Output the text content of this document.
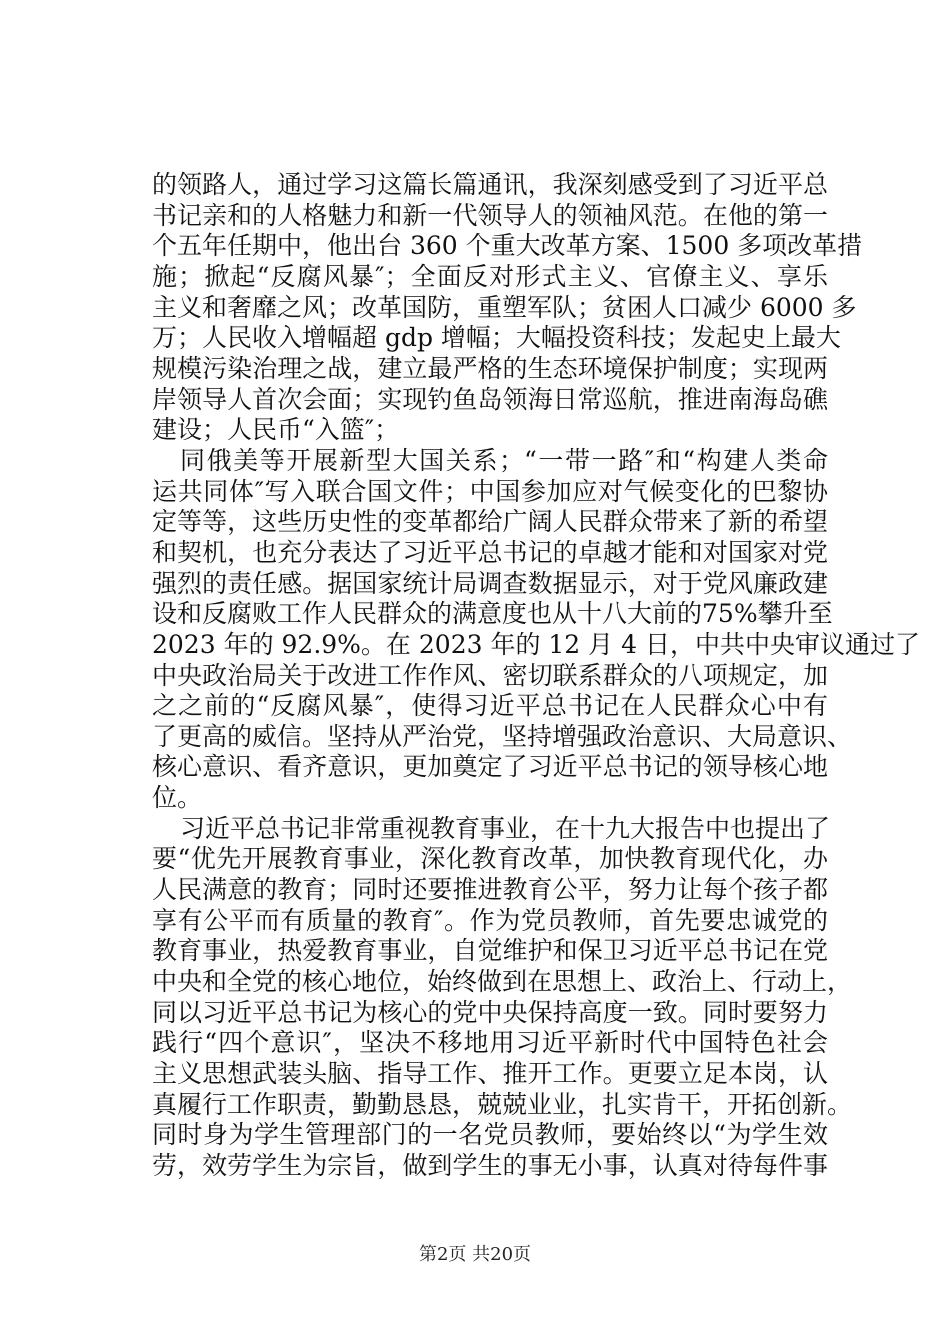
的领路人，通过学习这篇长篇通讯，我深刻感受到了习近平总
书记亲和的人格魅力和新一代领导人的领袖风范。在他的第一
个五年任期中，他出台 360 个重大改革方案、1500 多项改革措
施；掀起“反腐风暴″；全面反对形式主义、官僚主义、享乐
主义和奢靡之风；改革国防，重塑军队；贫困人口减少 6000 多
万；人民收入增幅超 gdp 增幅；大幅投资科技；发起史上最大
规模污染治理之战，建立最严格的生态环境保护制度；实现两
岸领导人首次会面；实现钓鱼岛领海日常巡航，推进南海岛礁
建设；人民币“入篮″；
同俄美等开展新型大国关系；“一带一路″和“构建人类命
运共同体″写入联合国文件；中国参加应对气候变化的巴黎协
定等等，这些历史性的变革都给广阔人民群众带来了新的希望
和契机，也充分表达了习近平总书记的卓越才能和对国家对党
强烈的责任感。据国家统计局调查数据显示，对于党风廉政建
设和反腐败工作人民群众的满意度也从十八大前的75%攀升至
2023 年的 92.9%。在 2023 年的 12 月 4 日，中共中央审议通过了
中央政治局关于改进工作作风、密切联系群众的八项规定，加
之之前的“反腐风暴″，使得习近平总书记在人民群众心中有
了更高的威信。坚持从严治党，坚持增强政治意识、大局意识、
核心意识、看齐意识，更加奠定了习近平总书记的领导核心地
位。
习近平总书记非常重视教育事业，在十九大报告中也提出了
要“优先开展教育事业，深化教育改革，加快教育现代化，办
人民满意的教育；同时还要推进教育公平，努力让每个孩子都
享有公平而有质量的教育″。作为党员教师，首先要忠诚党的
教育事业，热爱教育事业，自觉维护和保卫习近平总书记在党
中央和全党的核心地位，始终做到在思想上、政治上、行动上，
同以习近平总书记为核心的党中央保持高度一致。同时要努力
践行“四个意识″，坚决不移地用习近平新时代中国特色社会
主义思想武装头脑、指导工作、推开工作。更要立足本岗，认
真履行工作职责，勤勤恳恳，兢兢业业，扎实肯干，开拓创新。
同时身为学生管理部门的一名党员教师，要始终以“为学生效
劳，效劳学生为宗旨，做到学生的事无小事，认真对待每件事
第2页 共20页
